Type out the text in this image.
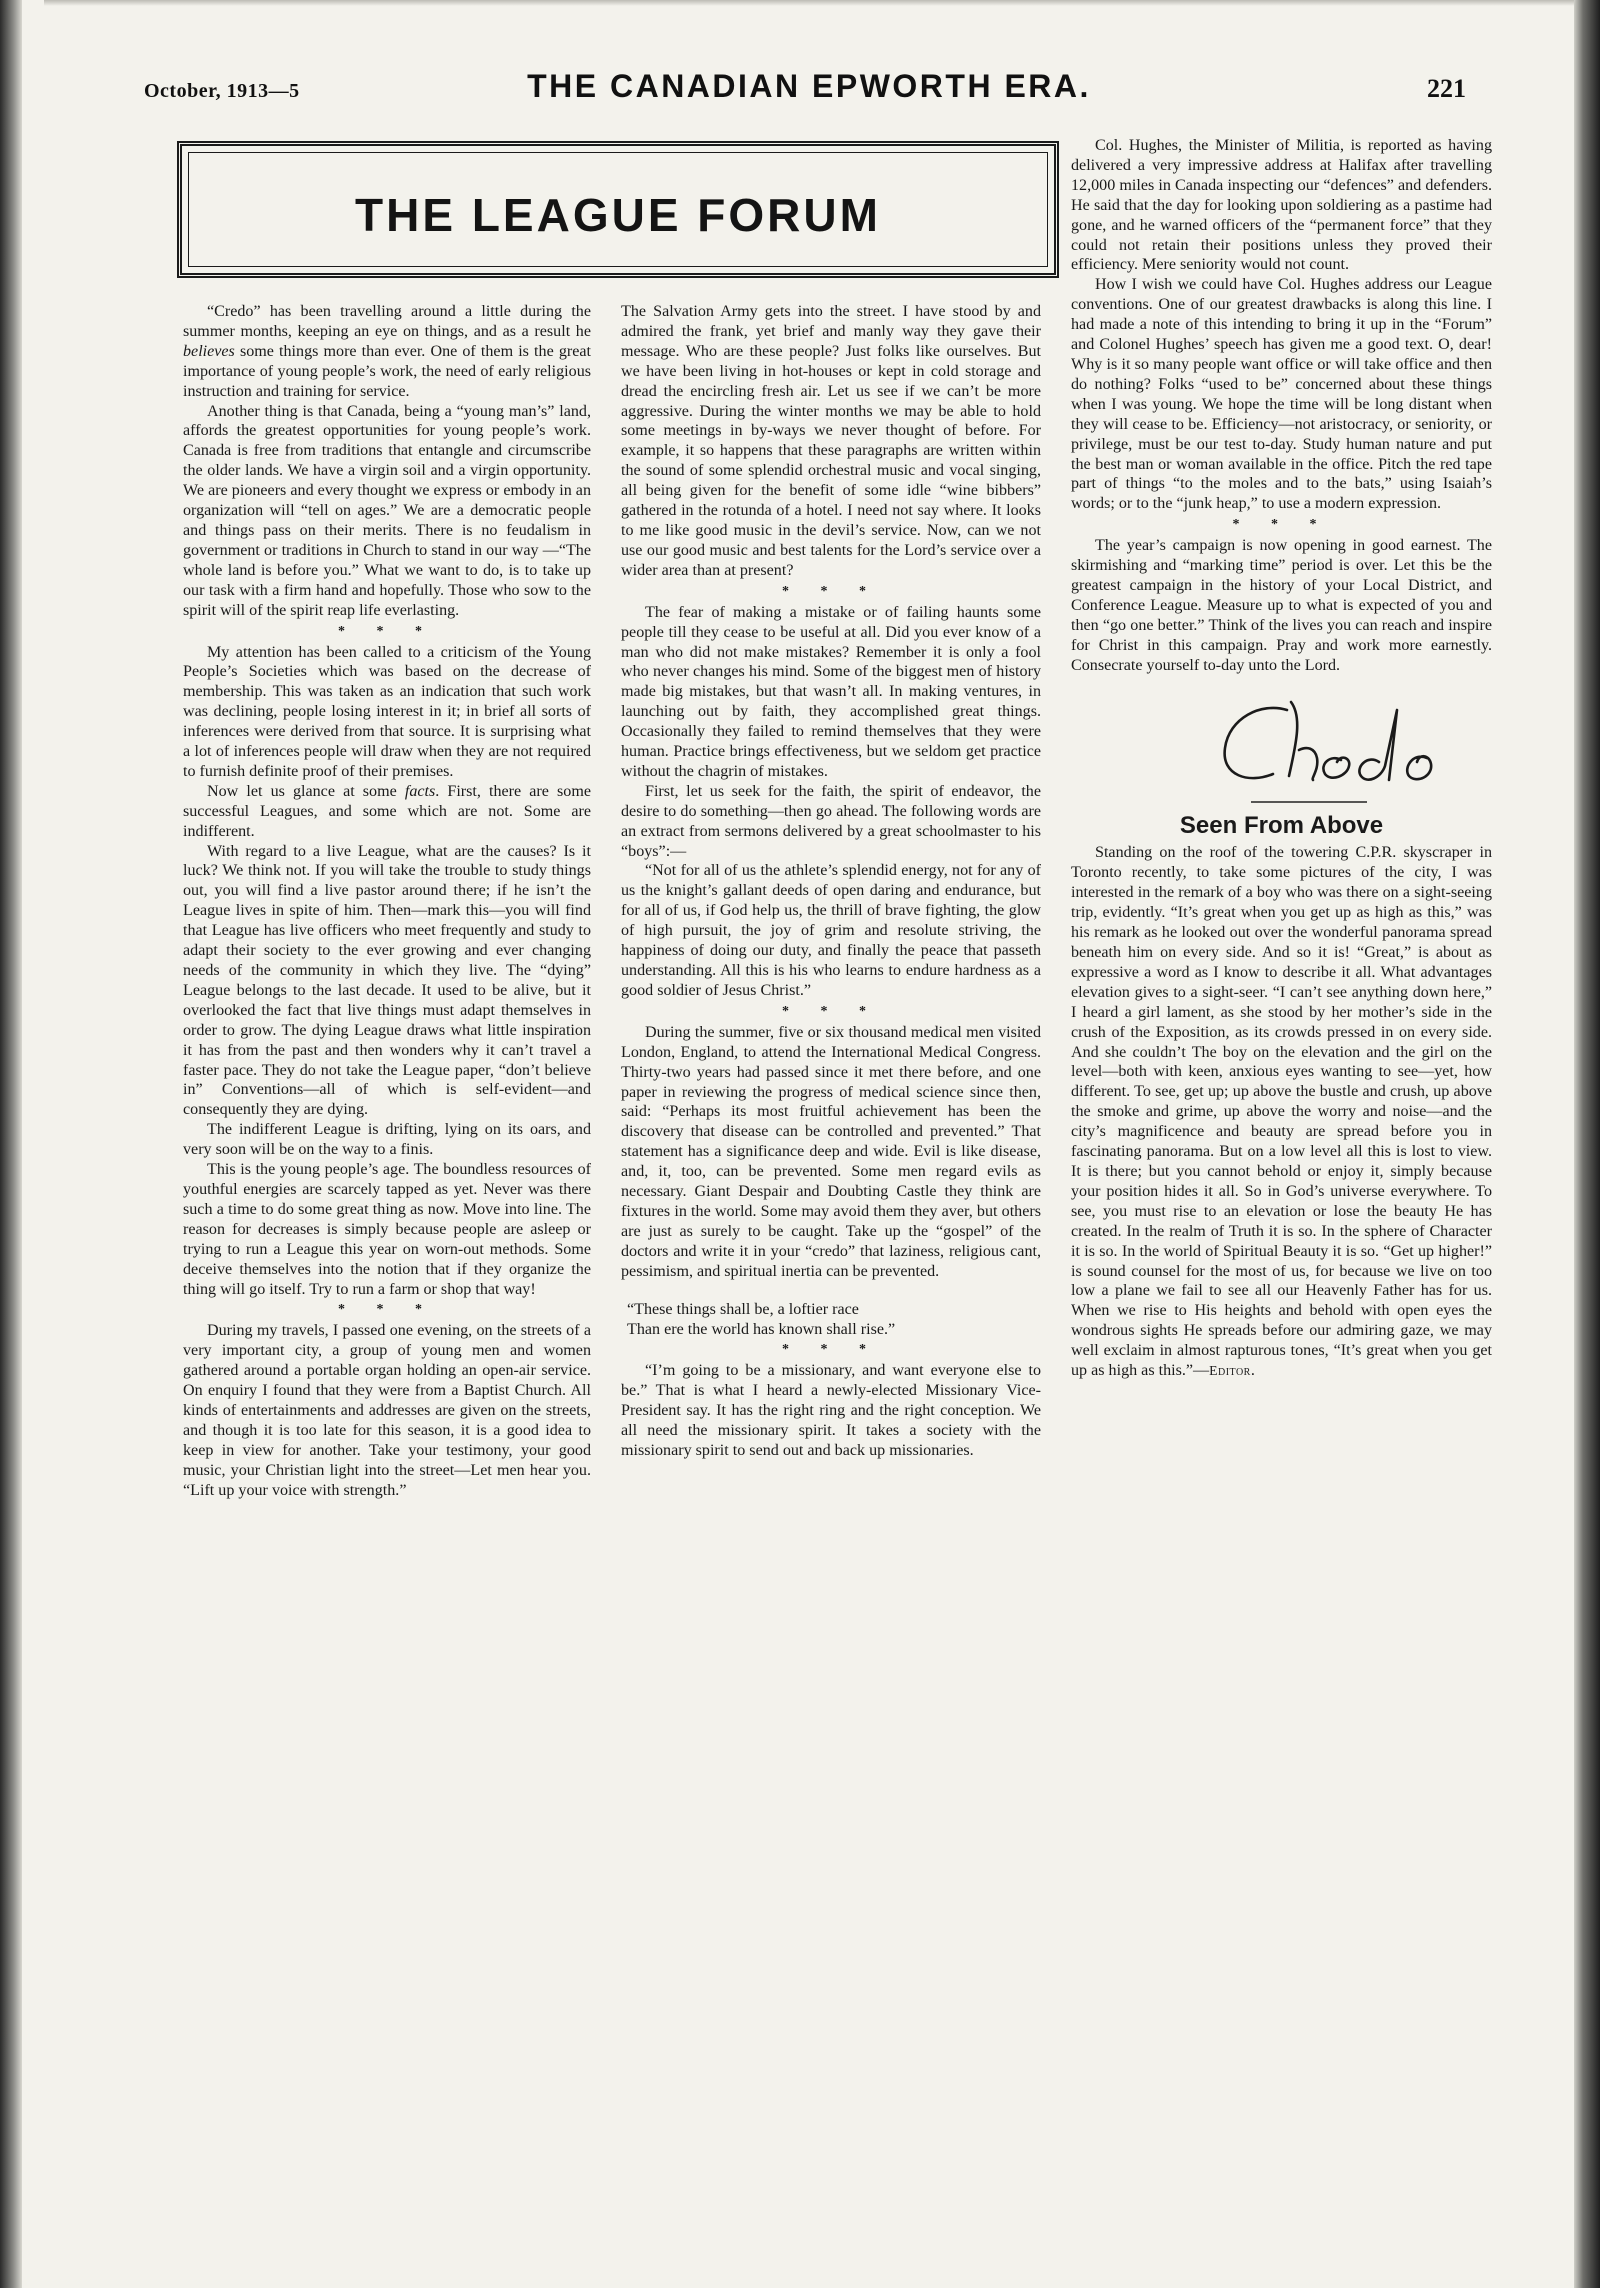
October, 1913—5	THE CANADIAN EPWORTH ERA.	221
THE LEAGUE FORUM

“Credo” has been travelling around a little during the summer months, keeping an eye on things, and as a result he believes some things more than ever. One of them is the great importance of young people’s work, the need of early religious instruction and training for service.

Another thing is that Canada, being a “young man’s” land, affords the greatest opportunities for young people’s work. Canada is free from traditions that entangle and circumscribe the older lands. We have a virgin soil and a virgin opportunity. We are pioneers and every thought we express or embody in an organization will “tell on ages.” We are a democratic people and things pass on their merits. There is no feudalism in government or traditions in Church to stand in our way —“The whole land is before you.” What we want to do, is to take up our task with a firm hand and hopefully. Those who sow to the spirit will of the spirit reap life everlasting.

* * *

My attention has been called to a criticism of the Young People’s Societies which was based on the decrease of membership. This was taken as an indication that such work was declining, people losing interest in it; in brief all sorts of inferences were derived from that source. It is surprising what a lot of inferences people will draw when they are not required to furnish definite proof of their premises.

Now let us glance at some facts. First, there are some successful Leagues, and some which are not. Some are indifferent.

With regard to a live League, what are the causes? Is it luck? We think not. If you will take the trouble to study things out, you will find a live pastor around there; if he isn’t the League lives in spite of him. Then—mark this—you will find that League has live officers who meet frequently and study to adapt their society to the ever growing and ever changing needs of the community in which they live. The “dying” League belongs to the last decade. It used to be alive, but it overlooked the fact that live things must adapt themselves in order to grow. The dying League draws what little inspiration it has from the past and then wonders why it can’t travel a faster pace. They do not take the League paper, “don’t believe in” Conventions—all of which is self-evident—and consequently they are dying.

The indifferent League is drifting, lying on its oars, and very soon will be on the way to a finis.

This is the young people’s age. The boundless resources of youthful energies are scarcely tapped as yet. Never was there such a time to do some great thing as now. Move into line. The reason for decreases is simply because people are asleep or trying to run a League this year on worn-out methods. Some deceive themselves into the notion that if they organize the thing will go itself. Try to run a farm or shop that way!

* * *

During my travels, I passed one evening, on the streets of a very important city, a group of young men and women gathered around a portable organ holding an open-air service. On enquiry I found that they were from a Baptist Church. All kinds of entertainments and addresses are given on the streets, and though it is too late for this season, it is a good idea to keep in view for another. Take your testimony, your good music, your Christian light into the street—Let men hear you. “Lift up your voice with strength.”

The Salvation Army gets into the street. I have stood by and admired the frank, yet brief and manly way they gave their message. Who are these people? Just folks like ourselves. But we have been living in hot-houses or kept in cold storage and dread the encircling fresh air. Let us see if we can’t be more aggressive. During the winter months we may be able to hold some meetings in by-ways we never thought of before. For example, it so happens that these paragraphs are written within the sound of some splendid orchestral music and vocal singing, all being given for the benefit of some idle “wine bibbers” gathered in the rotunda of a hotel. I need not say where. It looks to me like good music in the devil’s service. Now, can we not use our good music and best talents for the Lord’s service over a wider area than at present?

* * *

The fear of making a mistake or of failing haunts some people till they cease to be useful at all. Did you ever know of a man who did not make mistakes? Remember it is only a fool who never changes his mind. Some of the biggest men of history made big mistakes, but that wasn’t all. In making ventures, in launching out by faith, they accomplished great things. Occasionally they failed to remind themselves that they were human. Practice brings effectiveness, but we seldom get practice without the chagrin of mistakes.

First, let us seek for the faith, the spirit of endeavor, the desire to do something—then go ahead. The following words are an extract from sermons delivered by a great schoolmaster to his “boys”:—

“Not for all of us the athlete’s splendid energy, not for any of us the knight’s gallant deeds of open daring and endurance, but for all of us, if God help us, the thrill of brave fighting, the glow of high pursuit, the joy of grim and resolute striving, the happiness of doing our duty, and finally the peace that passeth understanding. All this is his who learns to endure hardness as a good soldier of Jesus Christ.”

* * *

During the summer, five or six thousand medical men visited London, England, to attend the International Medical Congress. Thirty-two years had passed since it met there before, and one paper in reviewing the progress of medical science since then, said: “Perhaps its most fruitful achievement has been the discovery that disease can be controlled and prevented.” That statement has a significance deep and wide. Evil is like disease, and, it, too, can be prevented. Some men regard evils as necessary. Giant Despair and Doubting Castle they think are fixtures in the world. Some may avoid them they aver, but others are just as surely to be caught. Take up the “gospel” of the doctors and write it in your “credo” that laziness, religious cant, pessimism, and spiritual inertia can be prevented.

“These things shall be, a loftier race
Than ere the world has known shall rise.”

* * *

“I’m going to be a missionary, and want everyone else to be.” That is what I heard a newly-elected Missionary Vice-President say. It has the right ring and the right conception. We all need the missionary spirit. It takes a society with the missionary spirit to send out and back up missionaries.

Col. Hughes, the Minister of Militia, is reported as having delivered a very impressive address at Halifax after travelling 12,000 miles in Canada inspecting our “defences” and defenders. He said that the day for looking upon soldiering as a pastime had gone, and he warned officers of the “permanent force” that they could not retain their positions unless they proved their efficiency. Mere seniority would not count.

How I wish we could have Col. Hughes address our League conventions. One of our greatest drawbacks is along this line. I had made a note of this intending to bring it up in the “Forum” and Colonel Hughes’ speech has given me a good text. O, dear! Why is it so many people want office or will take office and then do nothing? Folks “used to be” concerned about these things when I was young. We hope the time will be long distant when they will cease to be. Efficiency—not aristocracy, or seniority, or privilege, must be our test to-day. Study human nature and put the best man or woman available in the office. Pitch the red tape part of things “to the moles and to the bats,” using Isaiah’s words; or to the “junk heap,” to use a modern expression.

* * *

The year’s campaign is now opening in good earnest. The skirmishing and “marking time” period is over. Let this be the greatest campaign in the history of your Local District, and Conference League. Measure up to what is expected of you and then “go one better.” Think of the lives you can reach and inspire for Christ in this campaign. Pray and work more earnestly. Consecrate yourself to-day unto the Lord.

Seen From Above

Standing on the roof of the towering C.P.R. skyscraper in Toronto recently, to take some pictures of the city, I was interested in the remark of a boy who was there on a sight-seeing trip, evidently. “It’s great when you get up as high as this,” was his remark as he looked out over the wonderful panorama spread beneath him on every side. And so it is! “Great,” is about as expressive a word as I know to describe it all. What advantages elevation gives to a sight-seer. “I can’t see anything down here,” I heard a girl lament, as she stood by her mother’s side in the crush of the Exposition, as its crowds pressed in on every side. And she couldn’t The boy on the elevation and the girl on the level—both with keen, anxious eyes wanting to see—yet, how different. To see, get up; up above the bustle and crush, up above the smoke and grime, up above the worry and noise—and the city’s magnificence and beauty are spread before you in fascinating panorama. But on a low level all this is lost to view. It is there; but you cannot behold or enjoy it, simply because your position hides it all. So in God’s universe everywhere. To see, you must rise to an elevation or lose the beauty He has created. In the realm of Truth it is so. In the sphere of Character it is so. In the world of Spiritual Beauty it is so. “Get up higher!” is sound counsel for the most of us, for because we live on too low a plane we fail to see all our Heavenly Father has for us. When we rise to His heights and behold with open eyes the wondrous sights He spreads before our admiring gaze, we may well exclaim in almost rapturous tones, “It’s great when you get up as high as this.”—Editor.
